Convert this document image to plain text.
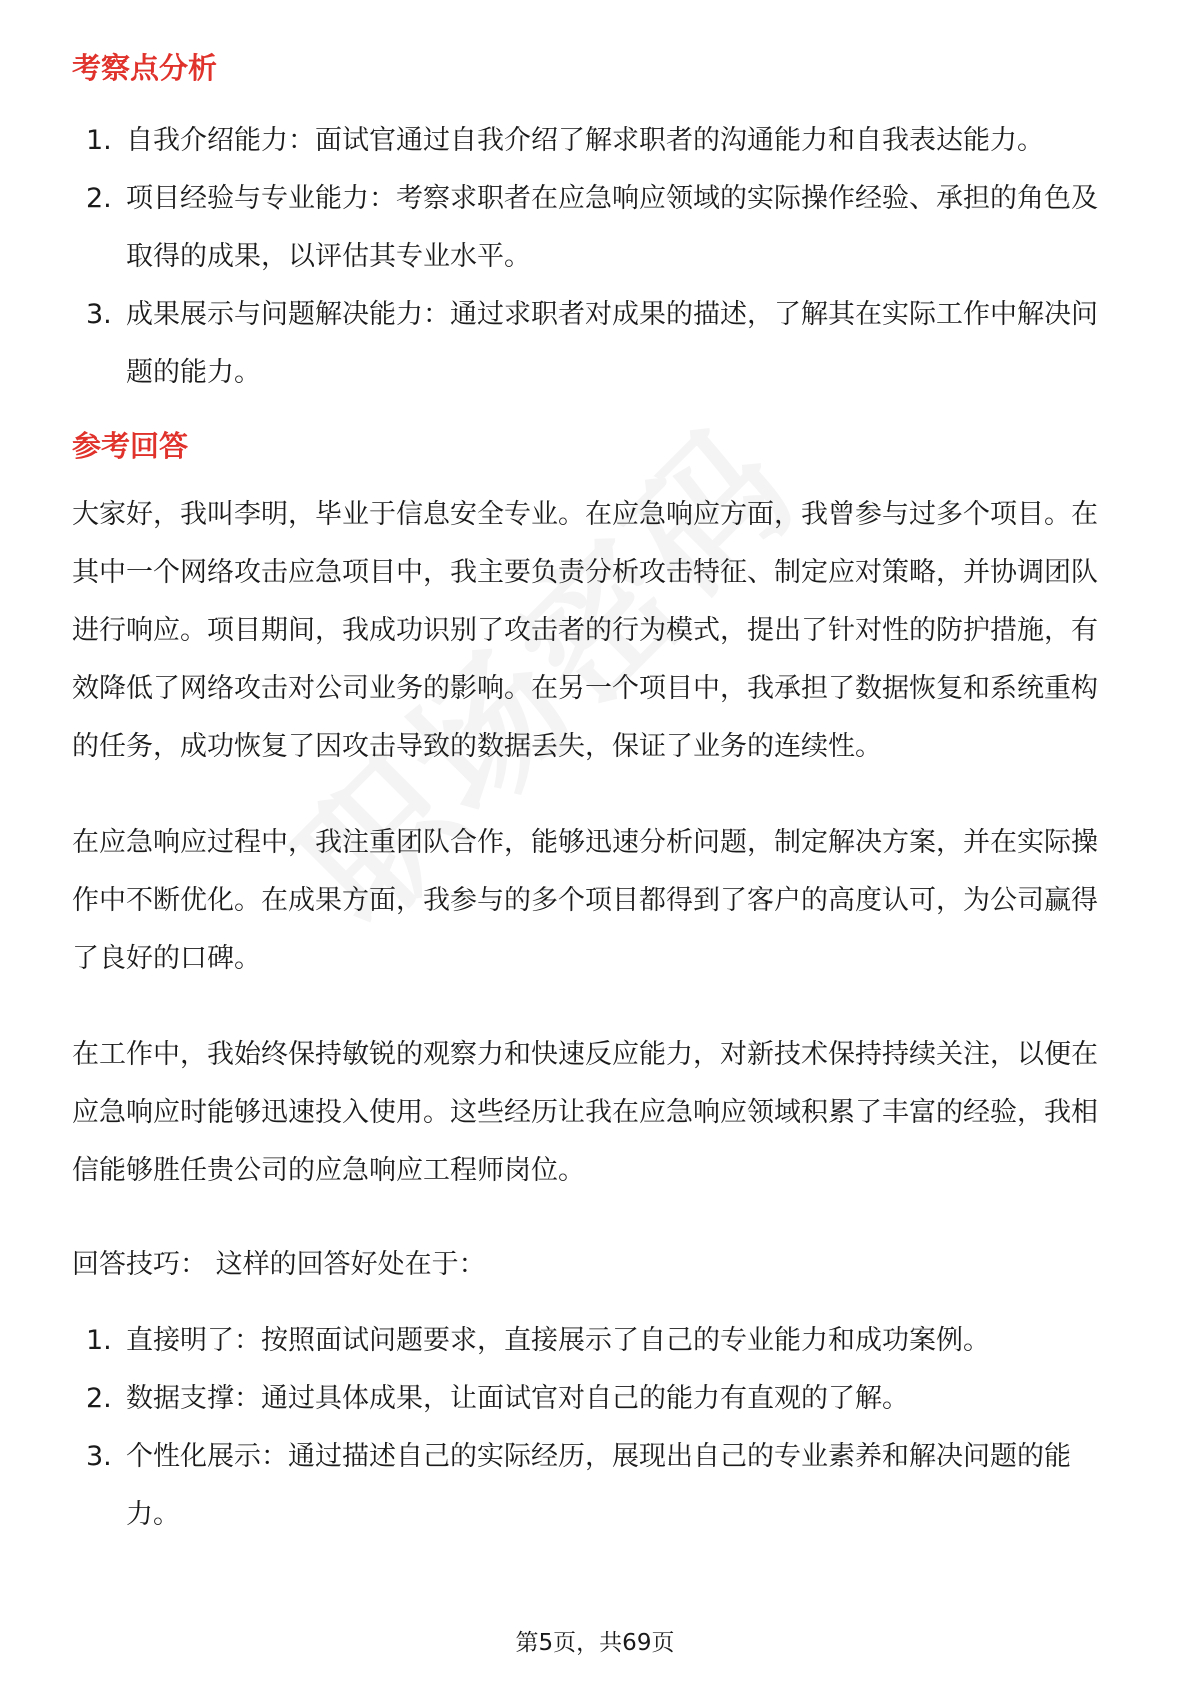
考察点分析
1. 自我介绍能力：面试官通过自我介绍了解求职者的沟通能力和自我表达能力。
2. 项目经验与专业能力：考察求职者在应急响应领域的实际操作经验、承担的角色及取得的成果，以评估其专业水平。
3. 成果展示与问题解决能力：通过求职者对成果的描述，了解其在实际工作中解决问题的能力。
参考回答

大家好，我叫李明，毕业于信息安全专业。在应急响应方面，我曾参与过多个项目。在其中一个网络攻击应急项目中，我主要负责分析攻击特征、制定应对策略，并协调团队进行响应。项目期间，我成功识别了攻击者的行为模式，提出了针对性的防护措施，有效降低了网络攻击对公司业务的影响。在另一个项目中，我承担了数据恢复和系统重构的任务，成功恢复了因攻击导致的数据丢失，保证了业务的连续性。

在应急响应过程中，我注重团队合作，能够迅速分析问题，制定解决方案，并在实际操作中不断优化。在成果方面，我参与的多个项目都得到了客户的高度认可，为公司赢得了良好的口碑。

在工作中，我始终保持敏锐的观察力和快速反应能力，对新技术保持持续关注，以便在应急响应时能够迅速投入使用。这些经历让我在应急响应领域积累了丰富的经验，我相信能够胜任贵公司的应急响应工程师岗位。

回答技巧： 这样的回答好处在于：

1. 直接明了：按照面试问题要求，直接展示了自己的专业能力和成功案例。
2. 数据支撑：通过具体成果，让面试官对自己的能力有直观的了解。
3. 个性化展示：通过描述自己的实际经历，展现出自己的专业素养和解决问题的能力。
第5页，共69页
